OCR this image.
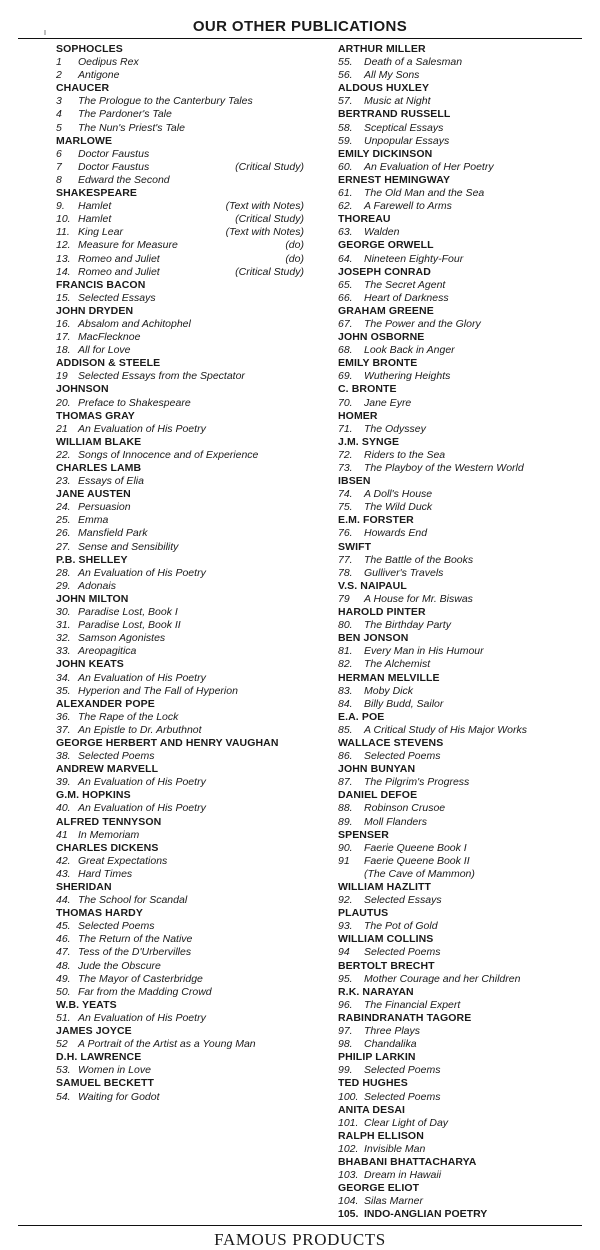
OUR OTHER PUBLICATIONS
SOPHOCLES
1	Oedipus Rex
2	Antigone
CHAUCER
3	The Prologue to the Canterbury Tales
4	The Pardoner's Tale
5	The Nun's Priest's Tale
MARLOWE
6	Doctor Faustus
7	Doctor Faustus	(Critical Study)
8	Edward the Second
SHAKESPEARE
9.	Hamlet	(Text with Notes)
10. Hamlet	(Critical Study)
11. King Lear	(Text with Notes)
12. Measure for Measure	(do)
13. Romeo and Juliet	(do)
14. Romeo and Juliet	(Critical Study)
FRANCIS BACON
15. Selected Essays
JOHN DRYDEN
16. Absalom and Achitophel
17. MacFlecknoe
18. All for Love
ADDISON & STEELE
19 Selected Essays from the Spectator
JOHNSON
20. Preface to Shakespeare
THOMAS GRAY
21 An Evaluation of His Poetry
WILLIAM BLAKE
22. Songs of Innocence and of Experience
CHARLES LAMB
23. Essays of Elia
JANE AUSTEN
24. Persuasion
25. Emma
26. Mansfield Park
27. Sense and Sensibility
P.B. SHELLEY
28. An Evaluation of His Poetry
29. Adonais
JOHN MILTON
30. Paradise Lost, Book I
31. Paradise Lost, Book II
32. Samson Agonistes
33. Areopagitica
JOHN KEATS
34. An Evaluation of His Poetry
35. Hyperion and The Fall of Hyperion
ALEXANDER POPE
36. The Rape of the Lock
37. An Epistle to Dr. Arbuthnot
GEORGE HERBERT AND HENRY VAUGHAN
38. Selected Poems
ANDREW MARVELL
39. An Evaluation of His Poetry
G.M. HOPKINS
40. An Evaluation of His Poetry
ALFRED TENNYSON
41 In Memoriam
CHARLES DICKENS
42. Great Expectations
43. Hard Times
SHERIDAN
44. The School for Scandal
THOMAS HARDY
45. Selected Poems
46. The Return of the Native
47. Tess of the D'Urbervilles
48. Jude the Obscure
49. The Mayor of Casterbridge
50. Far from the Madding Crowd
W.B. YEATS
51. An Evaluation of His Poetry
JAMES JOYCE
52 A Portrait of the Artist as a Young Man
D.H. LAWRENCE
53. Women in Love
SAMUEL BECKETT
54. Waiting for Godot
ARTHUR MILLER
55.	Death of a Salesman
56.	All My Sons
ALDOUS HUXLEY
57.	Music at Night
BERTRAND RUSSELL
58.	Sceptical Essays
59.	Unpopular Essays
EMILY DICKINSON
60.	An Evaluation of Her Poetry
ERNEST HEMINGWAY
61.	The Old Man and the Sea
62.	A Farewell to Arms
THOREAU
63.	Walden
GEORGE ORWELL
64.	Nineteen Eighty-Four
JOSEPH CONRAD
65.	The Secret Agent
66.	Heart of Darkness
GRAHAM GREENE
67.	The Power and the Glory
JOHN OSBORNE
68.	Look Back in Anger
EMILY BRONTE
69.	Wuthering Heights
C. BRONTE
70.	Jane Eyre
HOMER
71.	The Odyssey
J.M. SYNGE
72.	Riders to the Sea
73.	The Playboy of the Western World
IBSEN
74.	A Doll's House
75.	The Wild Duck
E.M. FORSTER
76.	Howards End
SWIFT
77.	The Battle of the Books
78.	Gulliver's Travels
V.S. NAIPAUL
79	A House for Mr. Biswas
HAROLD PINTER
80.	The Birthday Party
BEN JONSON
81.	Every Man in His Humour
82.	The Alchemist
HERMAN MELVILLE
83.	Moby Dick
84.	Billy Budd, Sailor
E.A. POE
85.	A Critical Study of His Major Works
WALLACE STEVENS
86.	Selected Poems
JOHN BUNYAN
87.	The Pilgrim's Progress
DANIEL DEFOE
88.	Robinson Crusoe
89.	Moll Flanders
SPENSER
90.	Faerie Queene Book I
91	Faerie Queene Book II
(The Cave of Mammon)
WILLIAM HAZLITT
92.	Selected Essays
PLAUTUS
93.	The Pot of Gold
WILLIAM COLLINS
94	Selected Poems
BERTOLT BRECHT
95.	Mother Courage and her Children
R.K. NARAYAN
96.	The Financial Expert
RABINDRANATH TAGORE
97.	Three Plays
98.	Chandalika
PHILIP LARKIN
99.	Selected Poems
TED HUGHES
100. Selected Poems
ANITA DESAI
101. Clear Light of Day
RALPH ELLISON
102. Invisible Man
BHABANI BHATTACHARYA
103. Dream in Hawaii
GEORGE ELIOT
104. Silas Marner
105. INDO-ANGLIAN POETRY
FAMOUS PRODUCTS
